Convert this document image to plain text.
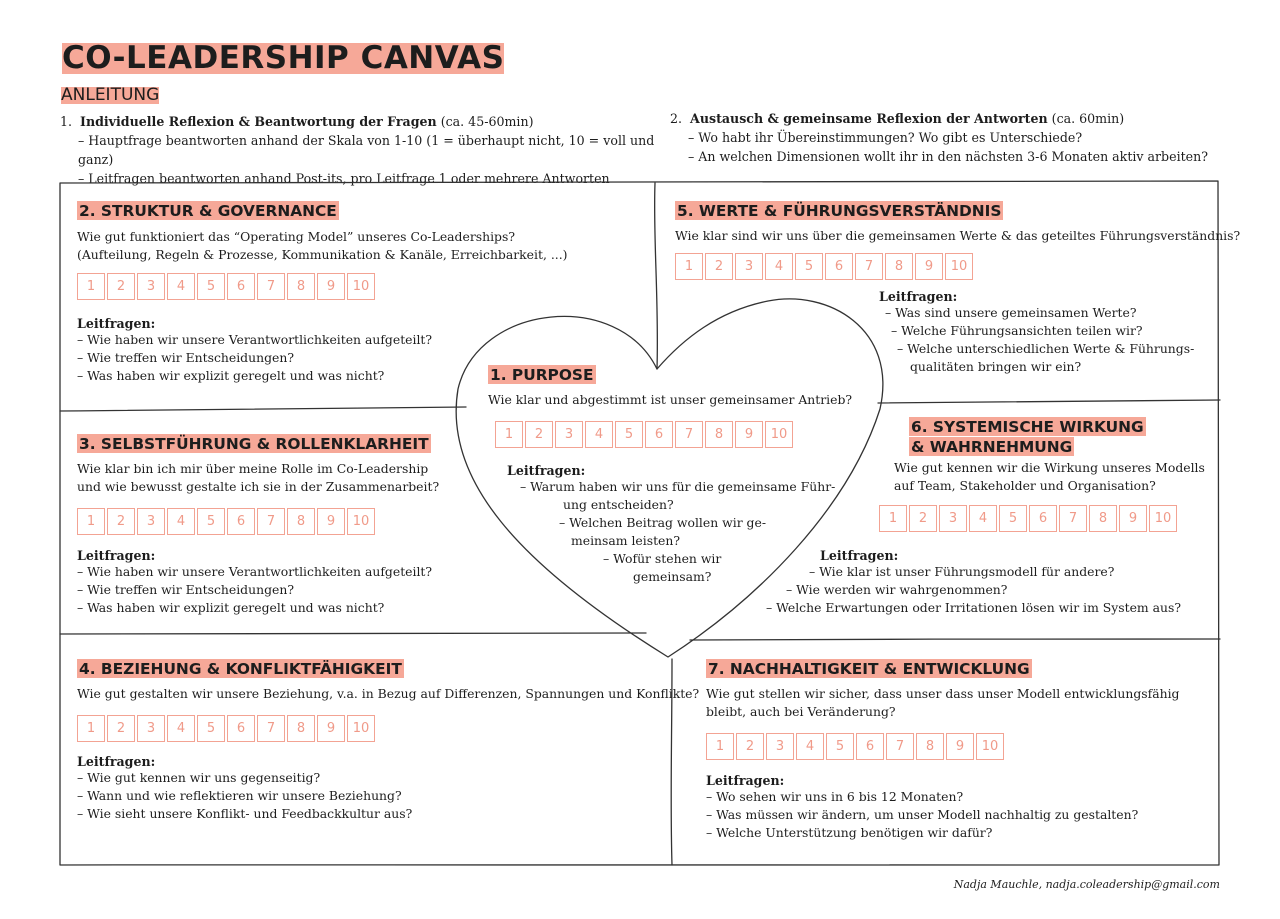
CO-LEADERSHIP CANVAS
ANLEITUNG
1. Individuelle Reflexion & Beantwortung der Fragen (ca. 45-60min)
– Hauptfrage beantworten anhand der Skala von 1-10 (1 = überhaupt nicht, 10 = voll und ganz)
– Leitfragen beantworten anhand Post-its, pro Leitfrage 1 oder mehrere Antworten
2. Austausch & gemeinsame Reflexion der Antworten (ca. 60min)
– Wo habt ihr Übereinstimmungen? Wo gibt es Unterschiede?
– An welchen Dimensionen wollt ihr in den nächsten 3-6 Monaten aktiv arbeiten?
2. STRUKTUR & GOVERNANCE
Wie gut funktioniert das “Operating Model” unseres Co-Leaderships?
(Aufteilung, Regeln & Prozesse, Kommunikation & Kanäle, Erreichbarkeit, ...)
1	2	3	4	5	6	7	8	9	10
Leitfragen:
– Wie haben wir unsere Verantwortlichkeiten aufgeteilt?
– Wie treffen wir Entscheidungen?
– Was haben wir explizit geregelt und was nicht?
3. SELBSTFÜHRUNG & ROLLENKLARHEIT
Wie klar bin ich mir über meine Rolle im Co-Leadership
und wie bewusst gestalte ich sie in der Zusammenarbeit?
1	2	3	4	5	6	7	8	9	10
Leitfragen:
– Wie haben wir unsere Verantwortlichkeiten aufgeteilt?
– Wie treffen wir Entscheidungen?
– Was haben wir explizit geregelt und was nicht?
4. BEZIEHUNG & KONFLIKTFÄHIGKEIT
Wie gut gestalten wir unsere Beziehung, v.a. in Bezug auf Differenzen, Spannungen und Konflikte?
1	2	3	4	5	6	7	8	9	10
Leitfragen:
– Wie gut kennen wir uns gegenseitig?
– Wann und wie reflektieren wir unsere Beziehung?
– Wie sieht unsere Konflikt- und Feedbackkultur aus?
1. PURPOSE
Wie klar und abgestimmt ist unser gemeinsamer Antrieb?
1	2	3	4	5	6	7	8	9	10
Leitfragen:
– Warum haben wir uns für die gemeinsame Führ-
ung entscheiden?
– Welchen Beitrag wollen wir ge-
meinsam leisten?
– Wofür stehen wir
gemeinsam?
5. WERTE & FÜHRUNGSVERSTÄNDNIS
Wie klar sind wir uns über die gemeinsamen Werte & das geteiltes Führungsverständnis?
1	2	3	4	5	6	7	8	9	10
Leitfragen:
– Was sind unsere gemeinsamen Werte?
– Welche Führungsansichten teilen wir?
– Welche unterschiedlichen Werte & Führungs-
qualitäten bringen wir ein?
6. SYSTEMISCHE WIRKUNG
& WAHRNEHMUNG
Wie gut kennen wir die Wirkung unseres Modells
auf Team, Stakeholder und Organisation?
1	2	3	4	5	6	7	8	9	10
Leitfragen:
– Wie klar ist unser Führungsmodell für andere?
– Wie werden wir wahrgenommen?
– Welche Erwartungen oder Irritationen lösen wir im System aus?
7. NACHHALTIGKEIT & ENTWICKLUNG
Wie gut stellen wir sicher, dass unser dass unser Modell entwicklungsfähig
bleibt, auch bei Veränderung?
1	2	3	4	5	6	7	8	9	10
Leitfragen:
– Wo sehen wir uns in 6 bis 12 Monaten?
– Was müssen wir ändern, um unser Modell nachhaltig zu gestalten?
– Welche Unterstützung benötigen wir dafür?
Nadja Mauchle, nadja.coleadership@gmail.com
